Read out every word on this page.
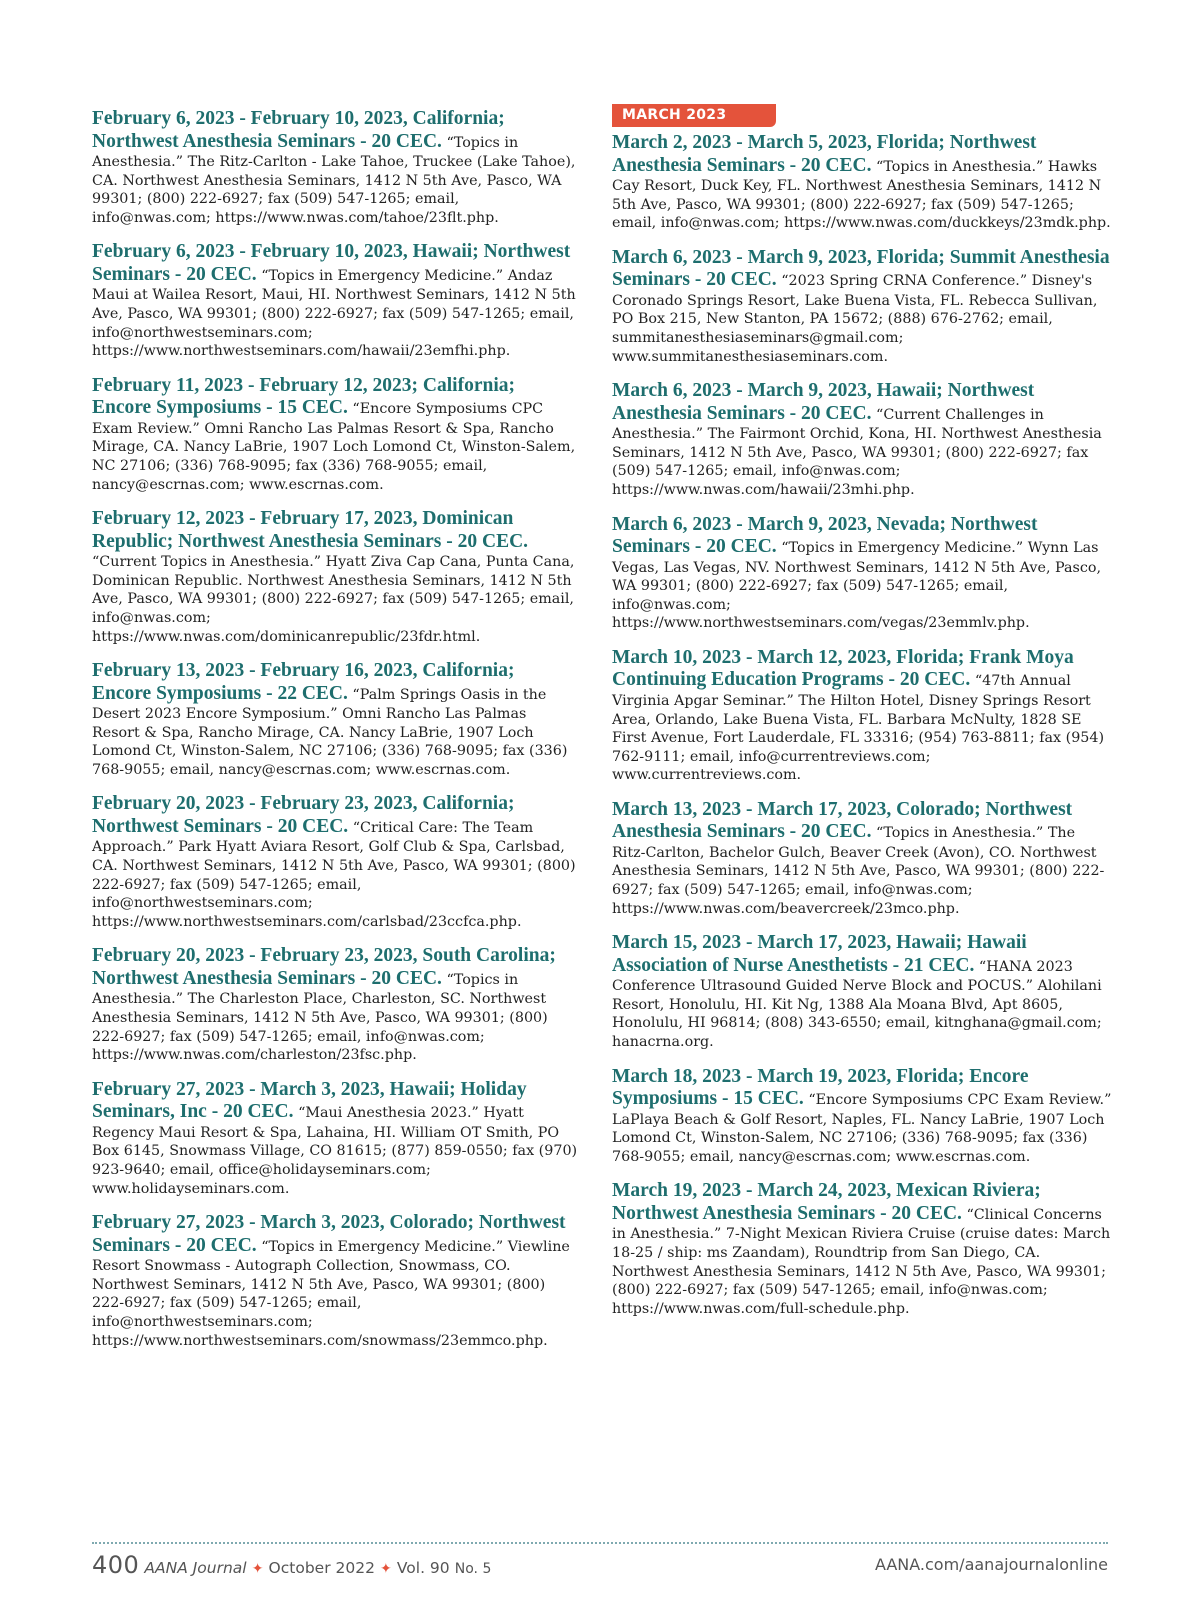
February 6, 2023 - February 10, 2023, California; Northwest Anesthesia Seminars - 20 CEC. “Topics in Anesthesia.” The Ritz-Carlton - Lake Tahoe, Truckee (Lake Tahoe), CA. Northwest Anesthesia Seminars, 1412 N 5th Ave, Pasco, WA 99301; (800) 222-6927; fax (509) 547-1265; email, info@nwas.com; https://www.nwas.com/tahoe/23flt.php.

February 6, 2023 - February 10, 2023, Hawaii; Northwest Seminars - 20 CEC. “Topics in Emergency Medicine.” Andaz Maui at Wailea Resort, Maui, HI. Northwest Seminars, 1412 N 5th Ave, Pasco, WA 99301; (800) 222-6927; fax (509) 547-1265; email, info@northwestseminars.com; https://www.northwestseminars.com/hawaii/23emfhi.php.

February 11, 2023 - February 12, 2023; California; Encore Symposiums - 15 CEC. “Encore Symposiums CPC Exam Review.” Omni Rancho Las Palmas Resort & Spa, Rancho Mirage, CA. Nancy LaBrie, 1907 Loch Lomond Ct, Winston-Salem, NC 27106; (336) 768-9095; fax (336) 768-9055; email, nancy@escrnas.com; www.escrnas.com.

February 12, 2023 - February 17, 2023, Dominican Republic; Northwest Anesthesia Seminars - 20 CEC. “Current Topics in Anesthesia.” Hyatt Ziva Cap Cana, Punta Cana, Dominican Republic. Northwest Anesthesia Seminars, 1412 N 5th Ave, Pasco, WA 99301; (800) 222-6927; fax (509) 547-1265; email, info@nwas.com; https://www.nwas.com/dominicanrepublic/23fdr.html.

February 13, 2023 - February 16, 2023, California; Encore Symposiums - 22 CEC. “Palm Springs Oasis in the Desert 2023 Encore Symposium.” Omni Rancho Las Palmas Resort & Spa, Rancho Mirage, CA. Nancy LaBrie, 1907 Loch Lomond Ct, Winston-Salem, NC 27106; (336) 768-9095; fax (336) 768-9055; email, nancy@escrnas.com; www.escrnas.com.

February 20, 2023 - February 23, 2023, California; Northwest Seminars - 20 CEC. “Critical Care: The Team Approach.” Park Hyatt Aviara Resort, Golf Club & Spa, Carlsbad, CA. Northwest Seminars, 1412 N 5th Ave, Pasco, WA 99301; (800) 222-6927; fax (509) 547-1265; email, info@northwestseminars.com; https://www.northwestseminars.com/carlsbad/23ccfca.php.

February 20, 2023 - February 23, 2023, South Carolina; Northwest Anesthesia Seminars - 20 CEC. “Topics in Anesthesia.” The Charleston Place, Charleston, SC. Northwest Anesthesia Seminars, 1412 N 5th Ave, Pasco, WA 99301; (800) 222-6927; fax (509) 547-1265; email, info@nwas.com; https://www.nwas.com/charleston/23fsc.php.

February 27, 2023 - March 3, 2023, Hawaii; Holiday Seminars, Inc - 20 CEC. “Maui Anesthesia 2023.” Hyatt Regency Maui Resort & Spa, Lahaina, HI. William OT Smith, PO Box 6145, Snowmass Village, CO 81615; (877) 859-0550; fax (970) 923-9640; email, office@holidayseminars.com; www.holidayseminars.com.

February 27, 2023 - March 3, 2023, Colorado; Northwest Seminars - 20 CEC. “Topics in Emergency Medicine.” Viewline Resort Snowmass - Autograph Collection, Snowmass, CO. Northwest Seminars, 1412 N 5th Ave, Pasco, WA 99301; (800) 222-6927; fax (509) 547-1265; email, info@northwestseminars.com; https://www.northwestseminars.com/snowmass/23emmco.php.

MARCH 2023

March 2, 2023 - March 5, 2023, Florida; Northwest Anesthesia Seminars - 20 CEC. “Topics in Anesthesia.” Hawks Cay Resort, Duck Key, FL. Northwest Anesthesia Seminars, 1412 N 5th Ave, Pasco, WA 99301; (800) 222-6927; fax (509) 547-1265; email, info@nwas.com; https://www.nwas.com/duckkeys/23mdk.php.

March 6, 2023 - March 9, 2023, Florida; Summit Anesthesia Seminars - 20 CEC. “2023 Spring CRNA Conference.” Disney's Coronado Springs Resort, Lake Buena Vista, FL. Rebecca Sullivan, PO Box 215, New Stanton, PA 15672; (888) 676-2762; email, summitanesthesiaseminars@gmail.com; www.summitanesthesiaseminars.com.

March 6, 2023 - March 9, 2023, Hawaii; Northwest Anesthesia Seminars - 20 CEC. “Current Challenges in Anesthesia.” The Fairmont Orchid, Kona, HI. Northwest Anesthesia Seminars, 1412 N 5th Ave, Pasco, WA 99301; (800) 222-6927; fax (509) 547-1265; email, info@nwas.com; https://www.nwas.com/hawaii/23mhi.php.

March 6, 2023 - March 9, 2023, Nevada; Northwest Seminars - 20 CEC. “Topics in Emergency Medicine.” Wynn Las Vegas, Las Vegas, NV. Northwest Seminars, 1412 N 5th Ave, Pasco, WA 99301; (800) 222-6927; fax (509) 547-1265; email, info@nwas.com; https://www.northwestseminars.com/vegas/23emmlv.php.

March 10, 2023 - March 12, 2023, Florida; Frank Moya Continuing Education Programs - 20 CEC. “47th Annual Virginia Apgar Seminar.” The Hilton Hotel, Disney Springs Resort Area, Orlando, Lake Buena Vista, FL. Barbara McNulty, 1828 SE First Avenue, Fort Lauderdale, FL 33316; (954) 763-8811; fax (954) 762-9111; email, info@currentreviews.com; www.currentreviews.com.

March 13, 2023 - March 17, 2023, Colorado; Northwest Anesthesia Seminars - 20 CEC. “Topics in Anesthesia.” The Ritz-Carlton, Bachelor Gulch, Beaver Creek (Avon), CO. Northwest Anesthesia Seminars, 1412 N 5th Ave, Pasco, WA 99301; (800) 222-6927; fax (509) 547-1265; email, info@nwas.com; https://www.nwas.com/beavercreek/23mco.php.

March 15, 2023 - March 17, 2023, Hawaii; Hawaii Association of Nurse Anesthetists - 21 CEC. “HANA 2023 Conference Ultrasound Guided Nerve Block and POCUS.” Alohilani Resort, Honolulu, HI. Kit Ng, 1388 Ala Moana Blvd, Apt 8605, Honolulu, HI 96814; (808) 343-6550; email, kitnghana@gmail.com; hanacrna.org.

March 18, 2023 - March 19, 2023, Florida; Encore Symposiums - 15 CEC. “Encore Symposiums CPC Exam Review.” LaPlaya Beach & Golf Resort, Naples, FL. Nancy LaBrie, 1907 Loch Lomond Ct, Winston-Salem, NC 27106; (336) 768-9095; fax (336) 768-9055; email, nancy@escrnas.com; www.escrnas.com.

March 19, 2023 - March 24, 2023, Mexican Riviera; Northwest Anesthesia Seminars - 20 CEC. “Clinical Concerns in Anesthesia.” 7-Night Mexican Riviera Cruise (cruise dates: March 18-25 / ship: ms Zaandam), Roundtrip from San Diego, CA. Northwest Anesthesia Seminars, 1412 N 5th Ave, Pasco, WA 99301; (800) 222-6927; fax (509) 547-1265; email, info@nwas.com; https://www.nwas.com/full-schedule.php.

400 AANA Journal ✦ October 2022 ✦ Vol. 90 No. 5	AANA.com/aanajournalonline
